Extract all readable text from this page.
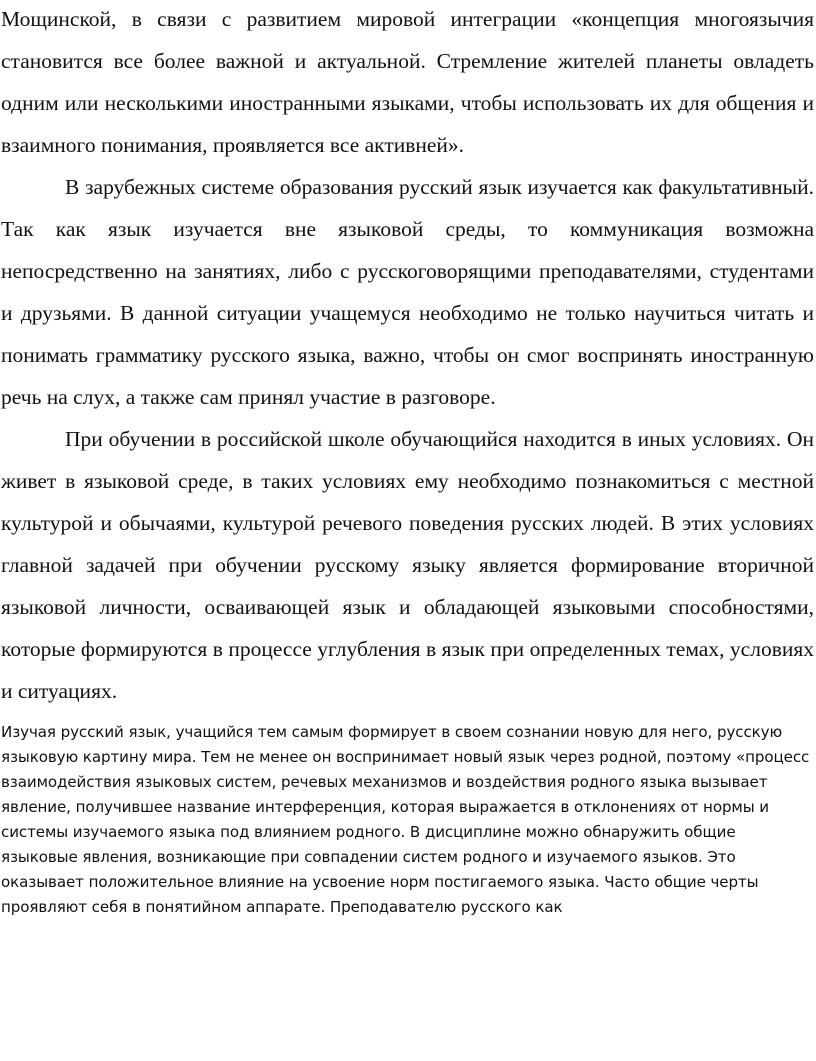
Мощинской, в связи с развитием мировой интеграции «концепция многоязычия становится все более важной и актуальной. Стремление жителей планеты овладеть одним или несколькими иностранными языками, чтобы использовать их для общения и взаимного понимания, проявляется все активней».

В зарубежных системе образования русский язык изучается как факультативный. Так как язык изучается вне языковой среды, то коммуникация возможна непосредственно на занятиях, либо с русскоговорящими преподавателями, студентами и друзьями. В данной ситуации учащемуся необходимо не только научиться читать и понимать грамматику русского языка, важно, чтобы он смог воспринять иностранную речь на слух, а также сам принял участие в разговоре.

При обучении в российской школе обучающийся находится в иных условиях. Он живет в языковой среде, в таких условиях ему необходимо познакомиться с местной культурой и обычаями, культурой речевого поведения русских людей. В этих условиях главной задачей при обучении русскому языку является формирование вторичной языковой личности, осваивающей язык и обладающей языковыми способностями, которые формируются в процессе углубления в язык при определенных темах, условиях и ситуациях.

Изучая русский язык, учащийся тем самым формирует в своем сознании новую для него, русскую языковую картину мира. Тем не менее он воспринимает новый язык через родной, поэтому «процесс взаимодействия языковых систем, речевых механизмов и воздействия родного языка вызывает явление, получившее название интерференция, которая выражается в отклонениях от нормы и системы изучаемого языка под влиянием родного. В дисциплине можно обнаружить общие языковые явления, возникающие при совпадении систем родного и изучаемого языков. Это оказывает положительное влияние на усвоение норм постигаемого языка. Часто общие черты проявляют себя в понятийном аппарате. Преподавателю русского как
